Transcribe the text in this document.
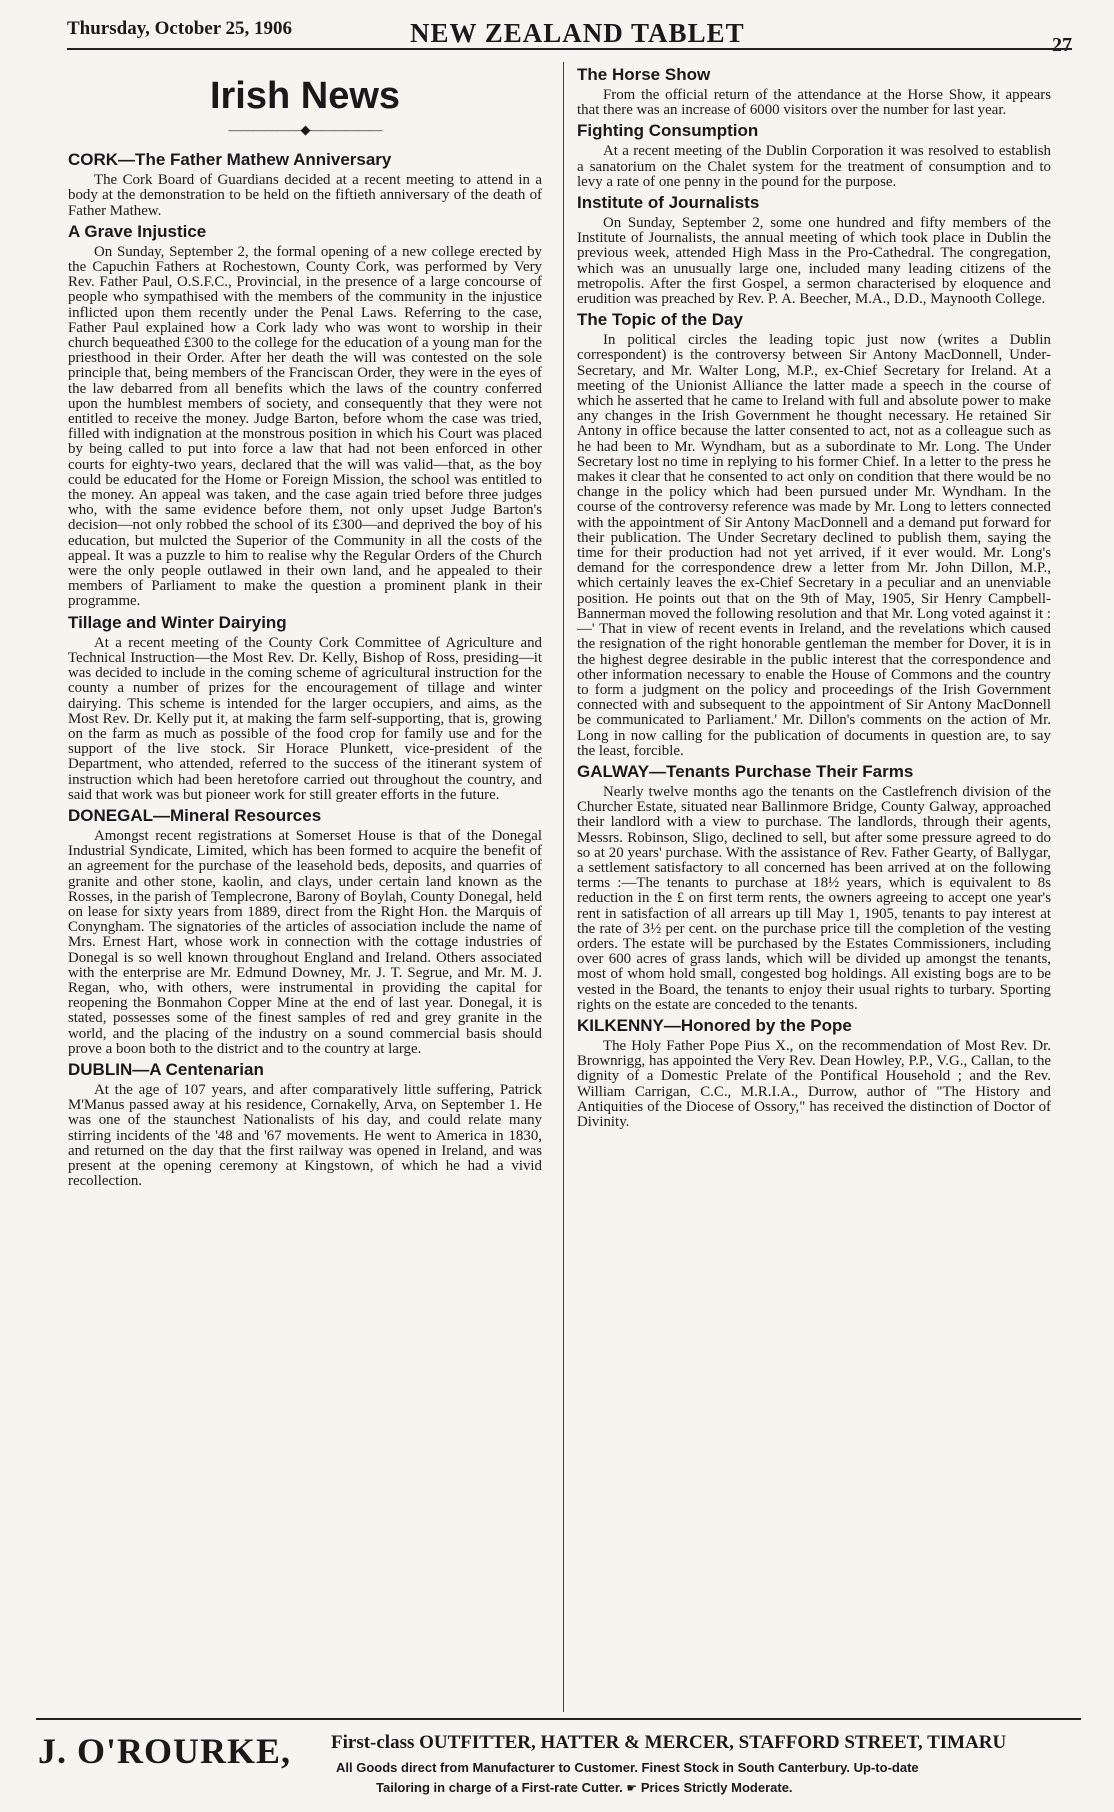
Thursday, October 25, 1906	NEW ZEALAND TABLET	27
Irish News
――――――◆――――――
CORK—The Father Mathew Anniversary

The Cork Board of Guardians decided at a recent meeting to attend in a body at the demonstration to be held on the fiftieth anniversary of the death of Father Mathew.

A Grave Injustice

On Sunday, September 2, the formal opening of a new college erected by the Capuchin Fathers at Rochestown, County Cork, was performed by Very Rev. Father Paul, O.S.F.C., Provincial, in the presence of a large concourse of people who sympathised with the members of the community in the injustice inflicted upon them recently under the Penal Laws. Referring to the case, Father Paul explained how a Cork lady who was wont to worship in their church bequeathed £300 to the college for the education of a young man for the priesthood in their Order. After her death the will was contested on the sole principle that, being members of the Franciscan Order, they were in the eyes of the law debarred from all benefits which the laws of the country conferred upon the humblest members of society, and consequently that they were not entitled to receive the money. Judge Barton, before whom the case was tried, filled with indignation at the monstrous position in which his Court was placed by being called to put into force a law that had not been enforced in other courts for eighty-two years, declared that the will was valid—that, as the boy could be educated for the Home or Foreign Mission, the school was entitled to the money. An appeal was taken, and the case again tried before three judges who, with the same evidence before them, not only upset Judge Barton's decision—not only robbed the school of its £300—and deprived the boy of his education, but mulcted the Superior of the Community in all the costs of the appeal. It was a puzzle to him to realise why the Regular Orders of the Church were the only people outlawed in their own land, and he appealed to their members of Parliament to make the question a prominent plank in their programme.

Tillage and Winter Dairying

At a recent meeting of the County Cork Committee of Agriculture and Technical Instruction—the Most Rev. Dr. Kelly, Bishop of Ross, presiding—it was decided to include in the coming scheme of agricultural instruction for the county a number of prizes for the encouragement of tillage and winter dairying. This scheme is intended for the larger occupiers, and aims, as the Most Rev. Dr. Kelly put it, at making the farm self-supporting, that is, growing on the farm as much as possible of the food crop for family use and for the support of the live stock. Sir Horace Plunkett, vice-president of the Department, who attended, referred to the success of the itinerant system of instruction which had been heretofore carried out throughout the country, and said that work was but pioneer work for still greater efforts in the future.

DONEGAL—Mineral Resources

Amongst recent registrations at Somerset House is that of the Donegal Industrial Syndicate, Limited, which has been formed to acquire the benefit of an agreement for the purchase of the leasehold beds, deposits, and quarries of granite and other stone, kaolin, and clays, under certain land known as the Rosses, in the parish of Templecrone, Barony of Boylah, County Donegal, held on lease for sixty years from 1889, direct from the Right Hon. the Marquis of Conyngham. The signatories of the articles of association include the name of Mrs. Ernest Hart, whose work in connection with the cottage industries of Donegal is so well known throughout England and Ireland. Others associated with the enterprise are Mr. Edmund Downey, Mr. J. T. Segrue, and Mr. M. J. Regan, who, with others, were instrumental in providing the capital for reopening the Bonmahon Copper Mine at the end of last year. Donegal, it is stated, possesses some of the finest samples of red and grey granite in the world, and the placing of the industry on a sound commercial basis should prove a boon both to the district and to the country at large.

DUBLIN—A Centenarian

At the age of 107 years, and after comparatively little suffering, Patrick M'Manus passed away at his residence, Cornakelly, Arva, on September 1. He was one of the staunchest Nationalists of his day, and could relate many stirring incidents of the '48 and '67 movements. He went to America in 1830, and returned on the day that the first railway was opened in Ireland, and was present at the opening ceremony at Kingstown, of which he had a vivid recollection.

The Horse Show

From the official return of the attendance at the Horse Show, it appears that there was an increase of 6000 visitors over the number for last year.

Fighting Consumption

At a recent meeting of the Dublin Corporation it was resolved to establish a sanatorium on the Chalet system for the treatment of consumption and to levy a rate of one penny in the pound for the purpose.

Institute of Journalists

On Sunday, September 2, some one hundred and fifty members of the Institute of Journalists, the annual meeting of which took place in Dublin the previous week, attended High Mass in the Pro-Cathedral. The congregation, which was an unusually large one, included many leading citizens of the metropolis. After the first Gospel, a sermon characterised by eloquence and erudition was preached by Rev. P. A. Beecher, M.A., D.D., Maynooth College.

The Topic of the Day

In political circles the leading topic just now (writes a Dublin correspondent) is the controversy between Sir Antony MacDonnell, Under-Secretary, and Mr. Walter Long, M.P., ex-Chief Secretary for Ireland. At a meeting of the Unionist Alliance the latter made a speech in the course of which he asserted that he came to Ireland with full and absolute power to make any changes in the Irish Government he thought necessary. He retained Sir Antony in office because the latter consented to act, not as a colleague such as he had been to Mr. Wyndham, but as a subordinate to Mr. Long. The Under Secretary lost no time in replying to his former Chief. In a letter to the press he makes it clear that he consented to act only on condition that there would be no change in the policy which had been pursued under Mr. Wyndham. In the course of the controversy reference was made by Mr. Long to letters connected with the appointment of Sir Antony MacDonnell and a demand put forward for their publication. The Under Secretary declined to publish them, saying the time for their production had not yet arrived, if it ever would. Mr. Long's demand for the correspondence drew a letter from Mr. John Dillon, M.P., which certainly leaves the ex-Chief Secretary in a peculiar and an unenviable position. He points out that on the 9th of May, 1905, Sir Henry Campbell-Bannerman moved the following resolution and that Mr. Long voted against it :—' That in view of recent events in Ireland, and the revelations which caused the resignation of the right honorable gentleman the member for Dover, it is in the highest degree desirable in the public interest that the correspondence and other information necessary to enable the House of Commons and the country to form a judgment on the policy and proceedings of the Irish Government connected with and subsequent to the appointment of Sir Antony MacDonnell be communicated to Parliament.' Mr. Dillon's comments on the action of Mr. Long in now calling for the publication of documents in question are, to say the least, forcible.

GALWAY—Tenants Purchase Their Farms

Nearly twelve months ago the tenants on the Castlefrench division of the Churcher Estate, situated near Ballinmore Bridge, County Galway, approached their landlord with a view to purchase. The landlords, through their agents, Messrs. Robinson, Sligo, declined to sell, but after some pressure agreed to do so at 20 years' purchase. With the assistance of Rev. Father Gearty, of Ballygar, a settlement satisfactory to all concerned has been arrived at on the following terms :—The tenants to purchase at 18½ years, which is equivalent to 8s reduction in the £ on first term rents, the owners agreeing to accept one year's rent in satisfaction of all arrears up till May 1, 1905, tenants to pay interest at the rate of 3½ per cent. on the purchase price till the completion of the vesting orders. The estate will be purchased by the Estates Commissioners, including over 600 acres of grass lands, which will be divided up amongst the tenants, most of whom hold small, congested bog holdings. All existing bogs are to be vested in the Board, the tenants to enjoy their usual rights to turbary. Sporting rights on the estate are conceded to the tenants.

KILKENNY—Honored by the Pope

The Holy Father Pope Pius X., on the recommendation of Most Rev. Dr. Brownrigg, has appointed the Very Rev. Dean Howley, P.P., V.G., Callan, to the dignity of a Domestic Prelate of the Pontifical Household ; and the Rev. William Carrigan, C.C., M.R.I.A., Durrow, author of "The History and Antiquities of the Diocese of Ossory," has received the distinction of Doctor of Divinity.

J. O'ROURKE, First-class OUTFITTER, HATTER & MERCER, STAFFORD STREET, TIMARU
All Goods direct from Manufacturer to Customer. Finest Stock in South Canterbury. Up-to-date
Tailoring in charge of a First-rate Cutter. ☛ Prices Strictly Moderate.
